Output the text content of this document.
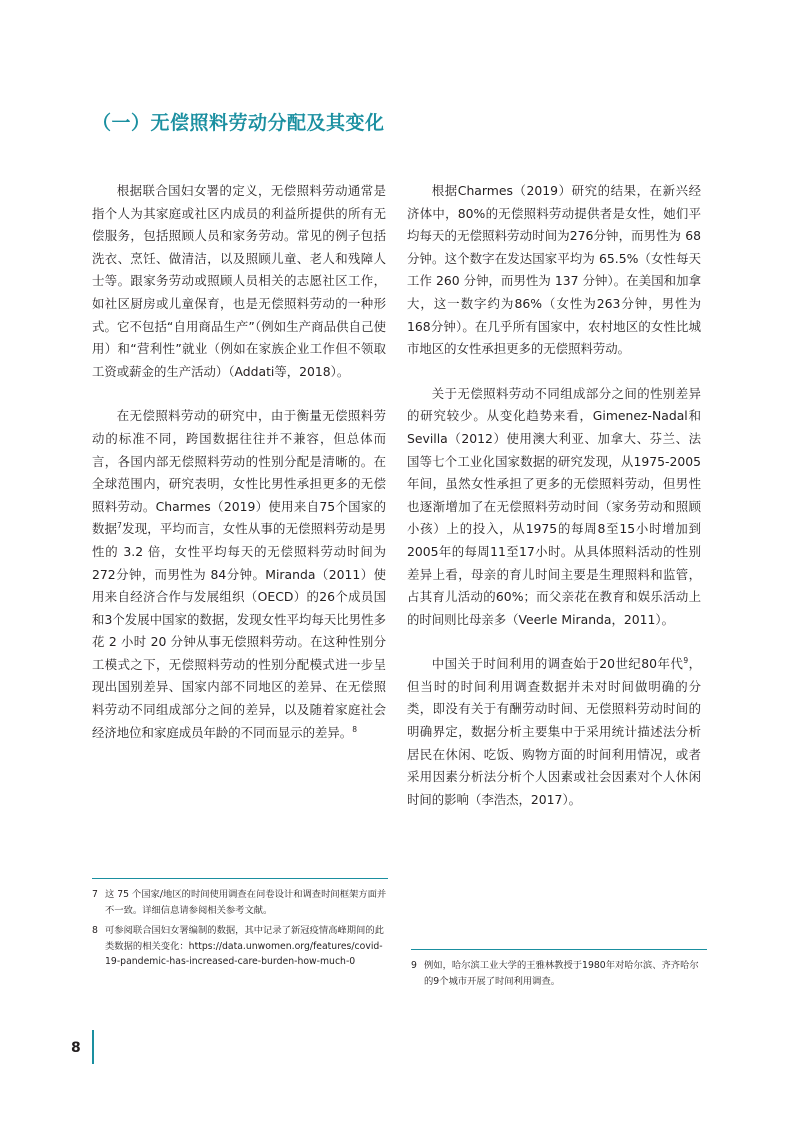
（一）无偿照料劳动分配及其变化

根据联合国妇女署的定义，无偿照料劳动通常是指个人为其家庭或社区内成员的利益所提供的所有无偿服务，包括照顾人员和家务劳动。常见的例子包括洗衣、烹饪、做清洁，以及照顾儿童、老人和残障人士等。跟家务劳动或照顾人员相关的志愿社区工作，如社区厨房或儿童保育，也是无偿照料劳动的一种形式。它不包括“自用商品生产”（例如生产商品供自己使用）和“营利性”就业（例如在家族企业工作但不领取工资或薪金的生产活动）（Addati等，2018）。

在无偿照料劳动的研究中，由于衡量无偿照料劳动的标准不同，跨国数据往往并不兼容，但总体而言，各国内部无偿照料劳动的性别分配是清晰的。在全球范围内，研究表明，女性比男性承担更多的无偿照料劳动。Charmes（2019）使用来自75个国家的数据$^7$发现，平均而言，女性从事的无偿照料劳动是男性的 3.2 倍，女性平均每天的无偿照料劳动时间为 272分钟，而男性为 84分钟。Miranda（2011）使用来自经济合作与发展组织（OECD）的26个成员国和3个发展中国家的数据，发现女性平均每天比男性多花 2 小时 20 分钟从事无偿照料劳动。在这种性别分工模式之下，无偿照料劳动的性别分配模式进一步呈现出国别差异、国家内部不同地区的差异、在无偿照料劳动不同组成部分之间的差异，以及随着家庭社会经济地位和家庭成员年龄的不同而显示的差异。$^8$

根据Charmes（2019）研究的结果，在新兴经济体中，80%的无偿照料劳动提供者是女性，她们平均每天的无偿照料劳动时间为276分钟，而男性为 68 分钟。这个数字在发达国家平均为 65.5%（女性每天工作 260 分钟，而男性为 137 分钟）。在美国和加拿大，这一数字约为86%（女性为263分钟，男性为168分钟）。在几乎所有国家中，农村地区的女性比城市地区的女性承担更多的无偿照料劳动。

关于无偿照料劳动不同组成部分之间的性别差异的研究较少。从变化趋势来看，Gimenez-Nadal和Sevilla（2012）使用澳大利亚、加拿大、芬兰、法国等七个工业化国家数据的研究发现，从1975-2005年间，虽然女性承担了更多的无偿照料劳动，但男性也逐渐增加了在无偿照料劳动时间（家务劳动和照顾小孩）上的投入，从1975的每周8至15小时增加到2005年的每周11至17小时。从具体照料活动的性别差异上看，母亲的育儿时间主要是生理照料和监管，占其育儿活动的60%；而父亲花在教育和娱乐活动上的时间则比母亲多（Veerle Miranda，2011）。

中国关于时间利用的调查始于20世纪80年代$^9$，但当时的时间利用调查数据并未对时间做明确的分类，即没有关于有酬劳动时间、无偿照料劳动时间的明确界定，数据分析主要集中于采用统计描述法分析居民在休闲、吃饭、购物方面的时间利用情况，或者采用因素分析法分析个人因素或社会因素对个人休闲时间的影响（李浩杰，2017）。

7 这 75 个国家/地区的时间使用调查在问卷设计和调查时间框架方面并不一致。详细信息请参阅相关参考文献。
8 可参阅联合国妇女署编制的数据，其中记录了新冠疫情高峰期间的此类数据的相关变化：https://data.unwomen.org/features/covid-19-pandemic-has-increased-care-burden-how-much-0	9 例如，哈尔滨工业大学的王雅林教授于1980年对哈尔滨、齐齐哈尔的9个城市开展了时间利用调查。
8
